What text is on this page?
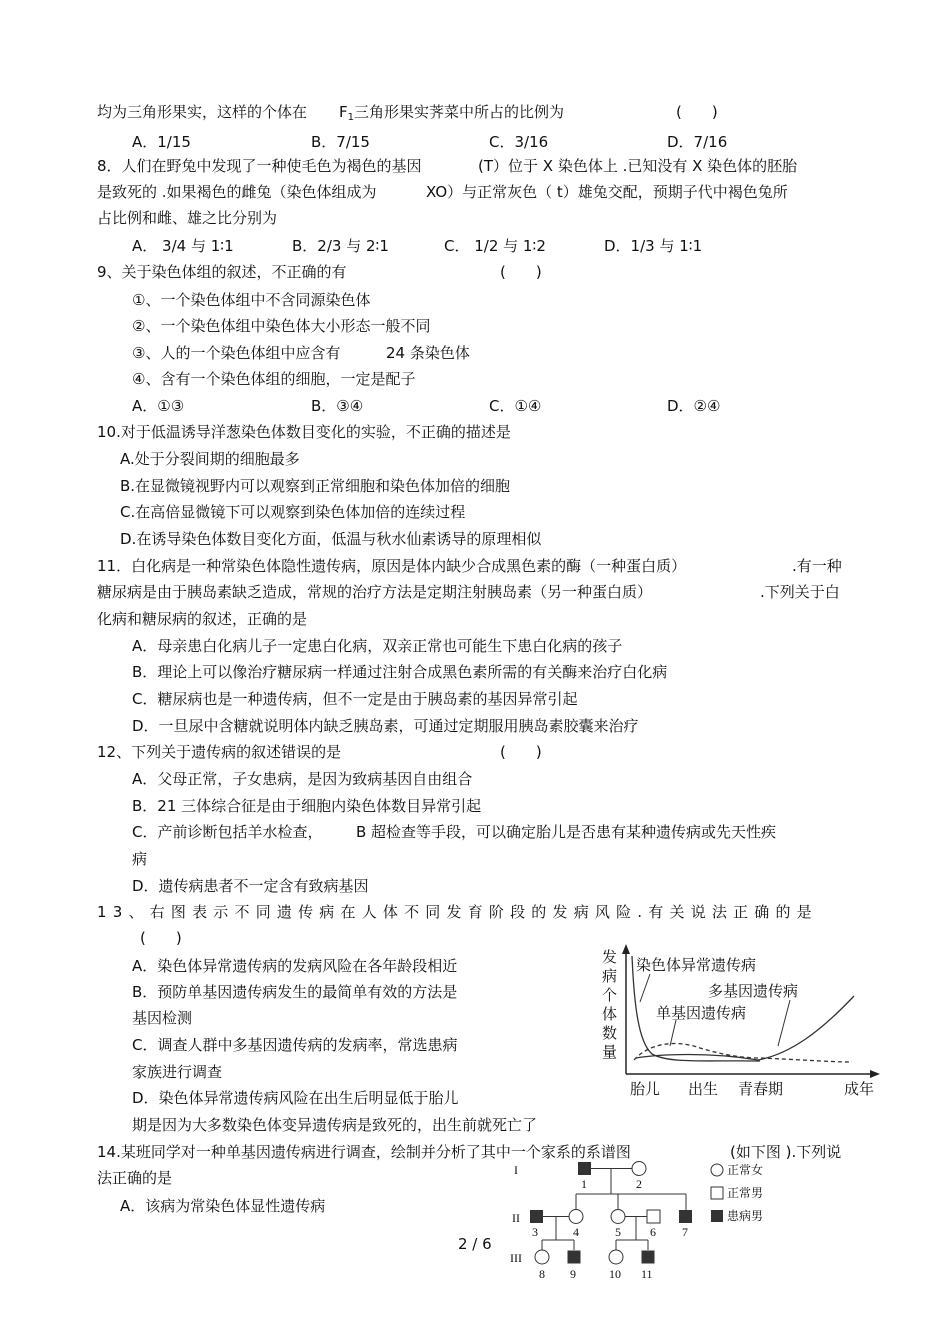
均为三角形果实，这样的个体在 $F_1$三角形果实荠菜中所占的比例为	(　　)
A．1/15	B．7/15	C．3/16	D．7/16
8．人们在野兔中发现了一种使毛色为褐色的基因	(T）位于 X 染色体上 .已知没有 X 染色体的胚胎
是致死的 .如果褐色的雌兔（染色体组成为	XO）与正常灰色（ t）雄兔交配，预期子代中褐色兔所
占比例和雌、雄之比分别为
A． 3/4 与 1∶1	B．2/3 与 2∶1	C． 1/2 与 1∶2	D．1/3 与 1∶1
9、关于染色体组的叙述，不正确的有	(　　)
①、一个染色体组中不含同源染色体
②、一个染色体组中染色体大小形态一般不同
③、人的一个染色体组中应含有	24 条染色体
④、含有一个染色体组的细胞，一定是配子
A．①③	B．③④	C．①④	D．②④
10.对于低温诱导洋葱染色体数目变化的实验，不正确的描述是
A.处于分裂间期的细胞最多
B.在显微镜视野内可以观察到正常细胞和染色体加倍的细胞
C.在高倍显微镜下可以观察到染色体加倍的连续过程
D.在诱导染色体数目变化方面，低温与秋水仙素诱导的原理相似
11．白化病是一种常染色体隐性遗传病，原因是体内缺少合成黑色素的酶（一种蛋白质）	.有一种
糖尿病是由于胰岛素缺乏造成，常规的治疗方法是定期注射胰岛素（另一种蛋白质）	.下列关于白
化病和糖尿病的叙述，正确的是
A．母亲患白化病儿子一定患白化病，双亲正常也可能生下患白化病的孩子
B．理论上可以像治疗糖尿病一样通过注射合成黑色素所需的有关酶来治疗白化病
C．糖尿病也是一种遗传病，但不一定是由于胰岛素的基因异常引起
D．一旦尿中含糖就说明体内缺乏胰岛素，可通过定期服用胰岛素胶囊来治疗
12、下列关于遗传病的叙述错误的是	(　　)
A．父母正常，子女患病，是因为致病基因自由组合
B．21 三体综合征是由于细胞内染色体数目异常引起
C．产前诊断包括羊水检查， B 超检查等手段，可以确定胎儿是否患有某种遗传病或先天性疾
病
D．遗传病患者不一定含有致病基因
13、右图表示不同遗传病在人体不同发育阶段的发病风险.有关说法正确的是
(　　)
A．染色体异常遗传病的发病风险在各年龄段相近
B．预防单基因遗传病发生的最简单有效的方法是
基因检测
C．调查人群中多基因遗传病的发病率，常选患病
家族进行调查
D．染色体异常遗传病风险在出生后明显低于胎儿
期是因为大多数染色体变异遗传病是致死的，出生前就死亡了
发
病
个
体
数
量
染色体异常遗传病
多基因遗传病
单基因遗传病
胎儿 出生 青春期	成年
14.某班同学对一种单基因遗传病进行调查，绘制并分析了其中一个家系的系谱图	(如下图 ).下列说
法正确的是
A．该病为常染色体显性遗传病
I
II
III
1	2
3	4	5 6 7
8 9	10 11
正常女
正常男
患病男
2 / 6
